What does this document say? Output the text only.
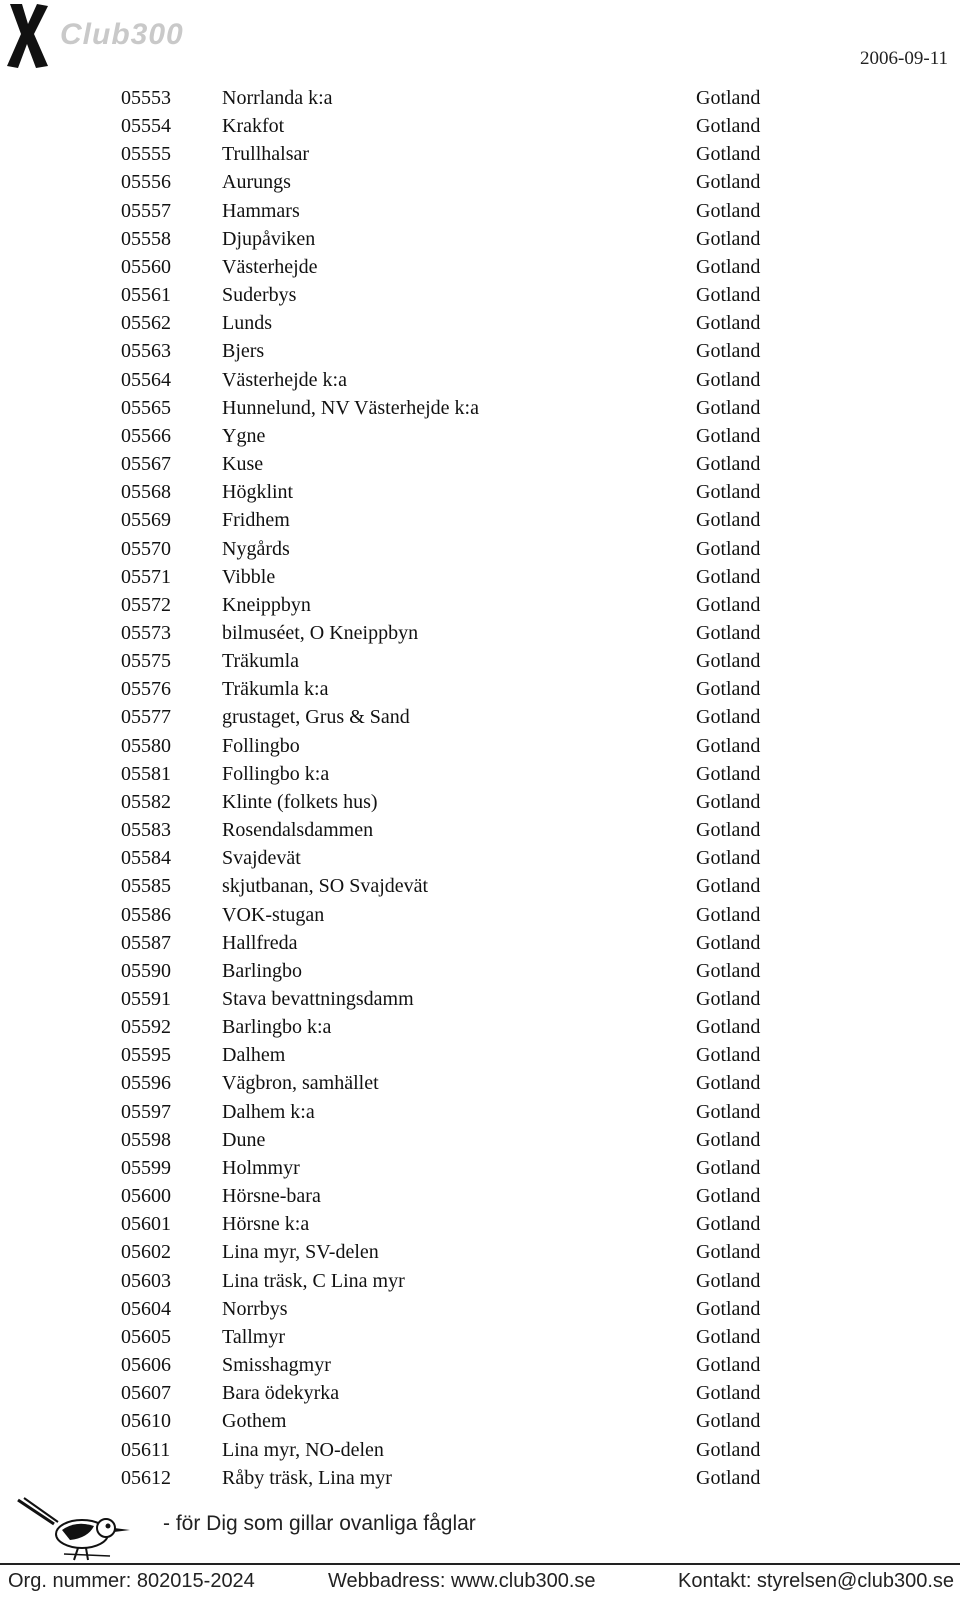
Club300
2006-09-11
05553	Norrlanda k:a	Gotland
05554	Krakfot	Gotland
05555	Trullhalsar	Gotland
05556	Aurungs	Gotland
05557	Hammars	Gotland
05558	Djupåviken	Gotland
05560	Västerhejde	Gotland
05561	Suderbys	Gotland
05562	Lunds	Gotland
05563	Bjers	Gotland
05564	Västerhejde k:a	Gotland
05565	Hunnelund, NV Västerhejde k:a	Gotland
05566	Ygne	Gotland
05567	Kuse	Gotland
05568	Högklint	Gotland
05569	Fridhem	Gotland
05570	Nygårds	Gotland
05571	Vibble	Gotland
05572	Kneippbyn	Gotland
05573	bilmuséet, O Kneippbyn	Gotland
05575	Träkumla	Gotland
05576	Träkumla k:a	Gotland
05577	grustaget, Grus & Sand	Gotland
05580	Follingbo	Gotland
05581	Follingbo k:a	Gotland
05582	Klinte (folkets hus)	Gotland
05583	Rosendalsdammen	Gotland
05584	Svajdevät	Gotland
05585	skjutbanan, SO Svajdevät	Gotland
05586	VOK-stugan	Gotland
05587	Hallfreda	Gotland
05590	Barlingbo	Gotland
05591	Stava bevattningsdamm	Gotland
05592	Barlingbo k:a	Gotland
05595	Dalhem	Gotland
05596	Vägbron, samhället	Gotland
05597	Dalhem k:a	Gotland
05598	Dune	Gotland
05599	Holmmyr	Gotland
05600	Hörsne-bara	Gotland
05601	Hörsne k:a	Gotland
05602	Lina myr, SV-delen	Gotland
05603	Lina träsk, C Lina myr	Gotland
05604	Norrbys	Gotland
05605	Tallmyr	Gotland
05606	Smisshagmyr	Gotland
05607	Bara ödekyrka	Gotland
05610	Gothem	Gotland
05611	Lina myr, NO-delen	Gotland
05612	Råby träsk, Lina myr	Gotland
- för Dig som gillar ovanliga fåglar
Org. nummer: 802015-2024	Webbadress: www.club300.se	Kontakt: styrelsen@club300.se
